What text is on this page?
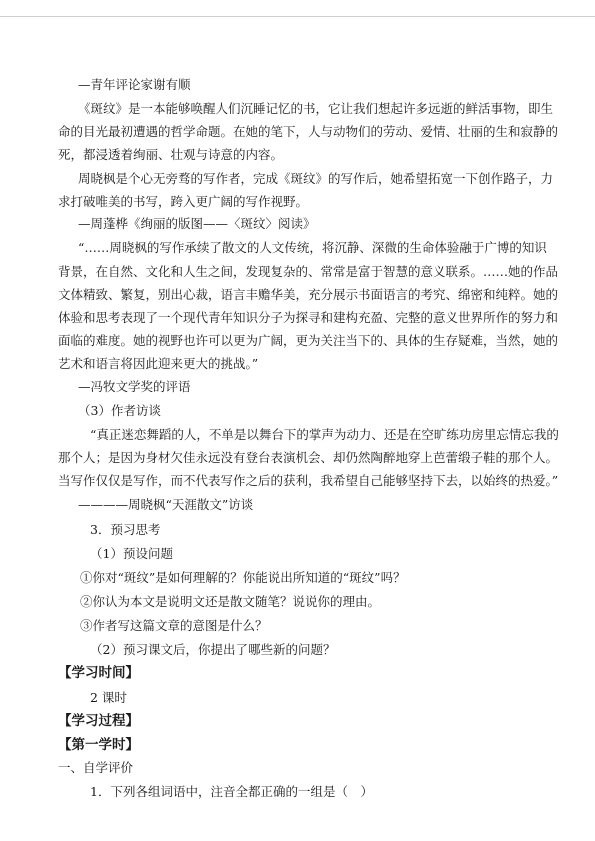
—青年评论家谢有顺
《斑纹》是一本能够唤醒人们沉睡记忆的书，它让我们想起许多远逝的鲜活事物，即生
命的目光最初遭遇的哲学命题。在她的笔下，人与动物们的劳动、爱情、壮丽的生和寂静的
死，都浸透着绚丽、壮观与诗意的内容。
周晓枫是个心无旁骛的写作者，完成《斑纹》的写作后，她希望拓宽一下创作路子，力
求打破唯美的书写，跨入更广阔的写作视野。
—周蓬桦《绚丽的版图——〈斑纹〉阅读》
“……周晓枫的写作承续了散文的人文传统，将沉静、深微的生命体验融于广博的知识
背景，在自然、文化和人生之间，发现复杂的、常常是富于智慧的意义联系。……她的作品
文体精致、繁复，别出心裁，语言丰赡华美，充分展示书面语言的考究、绵密和纯粹。她的
体验和思考表现了一个现代青年知识分子为探寻和建构充盈、完整的意义世界所作的努力和
面临的难度。她的视野也许可以更为广阔，更为关注当下的、具体的生存疑难，当然，她的
艺术和语言将因此迎来更大的挑战。”
—冯牧文学奖的评语
（3）作者访谈
“真正迷恋舞蹈的人，不单是以舞台下的掌声为动力、还是在空旷练功房里忘情忘我的
那个人；是因为身材欠佳永远没有登台表演机会、却仍然陶醉地穿上芭蕾缎子鞋的那个人。
当写作仅仅是写作，而不代表写作之后的获利，我希望自己能够坚持下去，以始终的热爱。”
————周晓枫“天涯散文”访谈
3．预习思考
（1）预设问题
①你对“斑纹”是如何理解的？你能说出所知道的“斑纹”吗？
②你认为本文是说明文还是散文随笔？说说你的理由。
③作者写这篇文章的意图是什么？
（2）预习课文后，你提出了哪些新的问题？
【学习时间】
2 课时
【学习过程】
【第一学时】
一、自学评价
1．下列各组词语中，注音全都正确的一组是（　）
